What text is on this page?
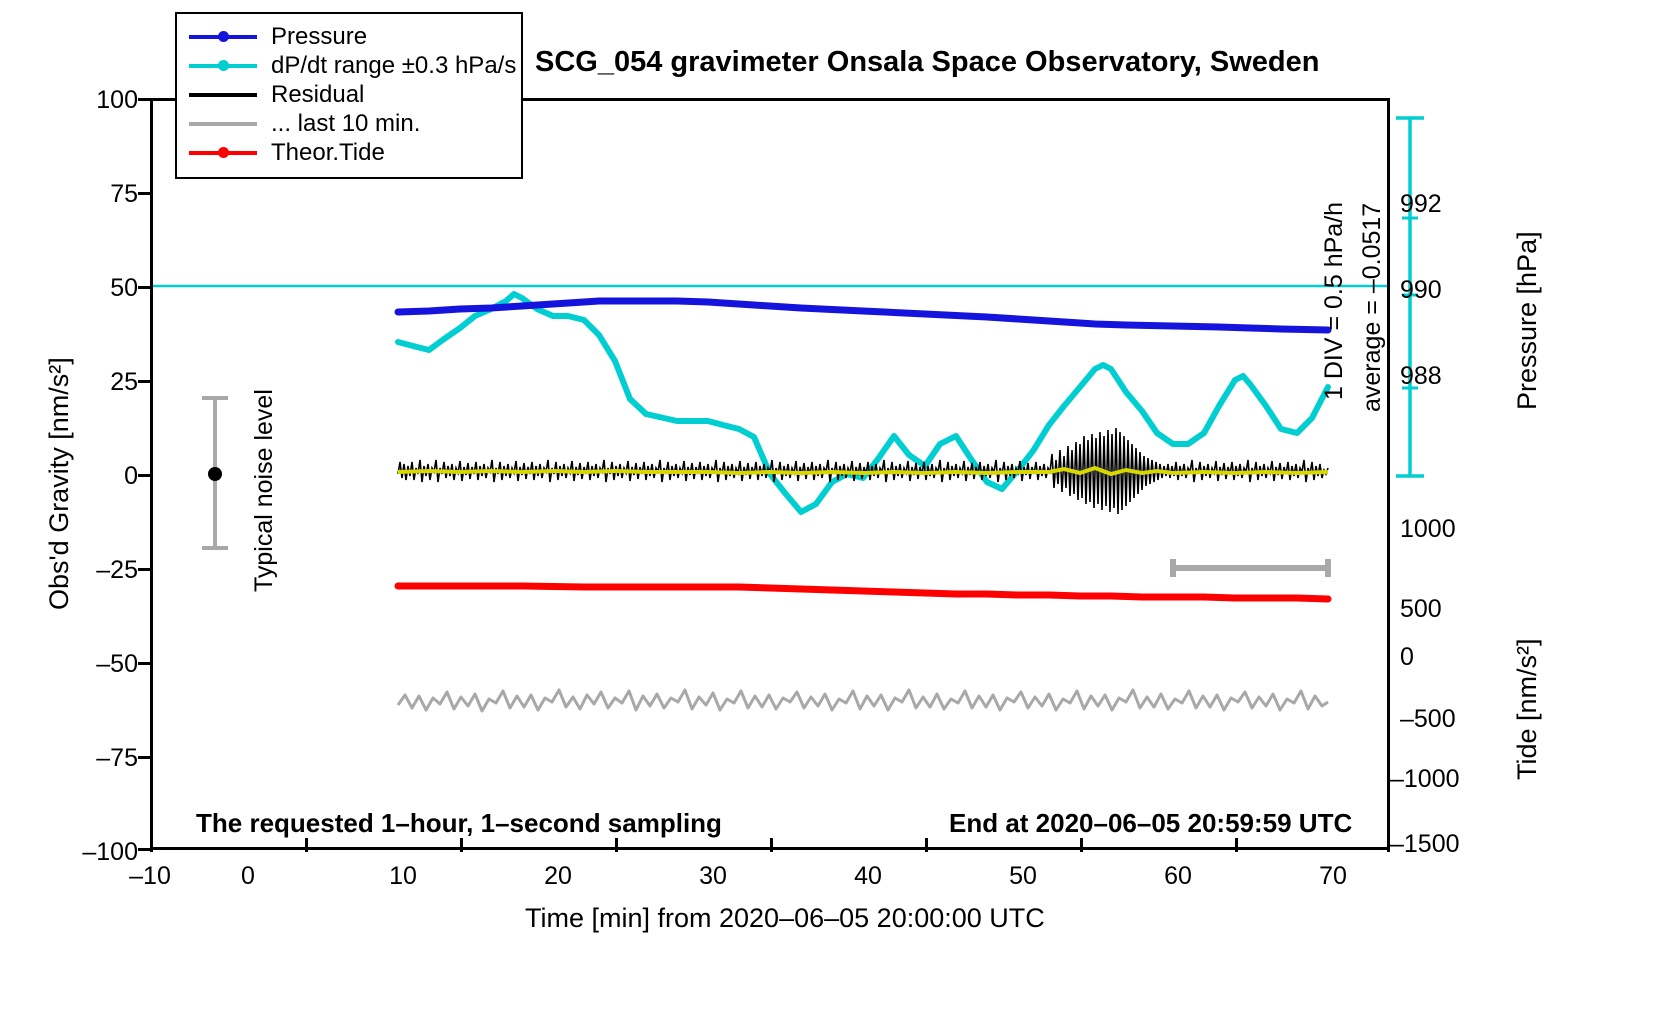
SCG_054 gravimeter Onsala Space Observatory, Sweden
100
75
50
25
0
–25
–50
–75
–100
–10	0	10	20	30	40	50	60	70
992
990
988
1000
500
0
–500
–1000
–1500
Obs'd Gravity [nm/s²]
Pressure [hPa]
Tide [nm/s²]
Time [min] from 2020–06–05 20:00:00 UTC
Typical noise level
1 DIV = 0.5 hPa/h average = –0.0517
The requested 1–hour, 1–second sampling	End at 2020–06–05 20:59:59 UTC
Pressure
dP/dt range ±0.3 hPa/s
Residual
... last 10 min.
Theor.Tide
